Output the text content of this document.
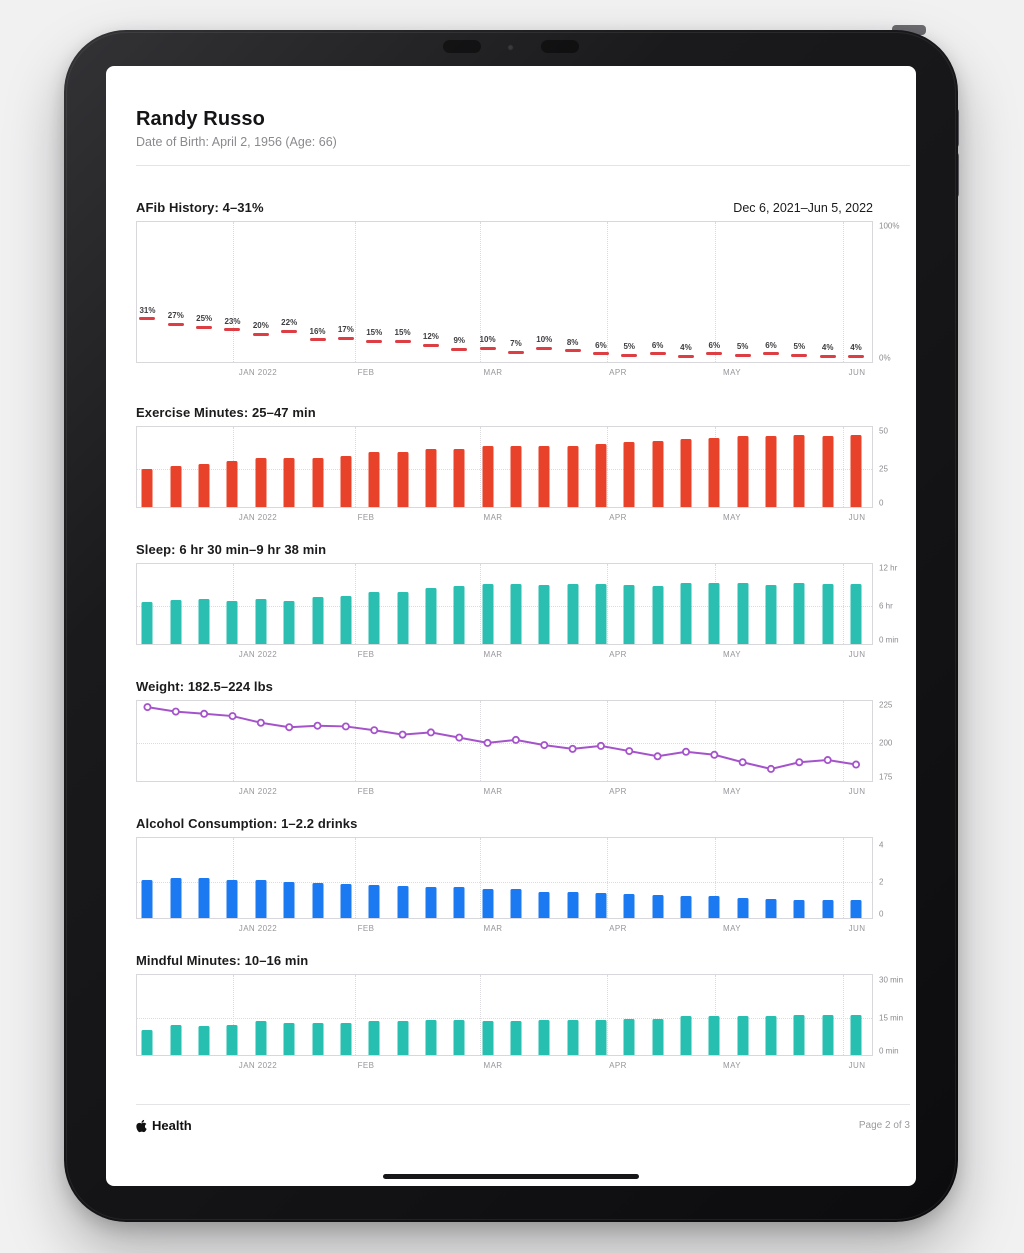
Randy Russo
Date of Birth: April 2, 1956 (Age: 66)
AFib History: 4–31%	Dec 6, 2021–Jun 5, 2022
31%
27% 25% 23% 20% 22%
16% 17% 15% 15% 12% 9% 10% 7% 10% 8% 6% 5% 6% 4% 6% 5% 6% 5% 4% 4%
100%
0%
JAN 2022	FEB	MAR	APR	MAY	JUN
Exercise Minutes: 25–47 min
50
25
0
JAN 2022	FEB	MAR	APR	MAY	JUN
Sleep: 6 hr 30 min–9 hr 38 min
12 hr
6 hr
0 min
JAN 2022	FEB	MAR	APR	MAY	JUN
Weight: 182.5–224 lbs
225
200
175
JAN 2022	FEB	MAR	APR	MAY	JUN
Alcohol Consumption: 1–2.2 drinks
4
2
0
JAN 2022	FEB	MAR	APR	MAY	JUN
Mindful Minutes: 10–16 min
30 min
15 min
0 min
JAN 2022	FEB	MAR	APR	MAY	JUN
Health	Page 2 of 3
